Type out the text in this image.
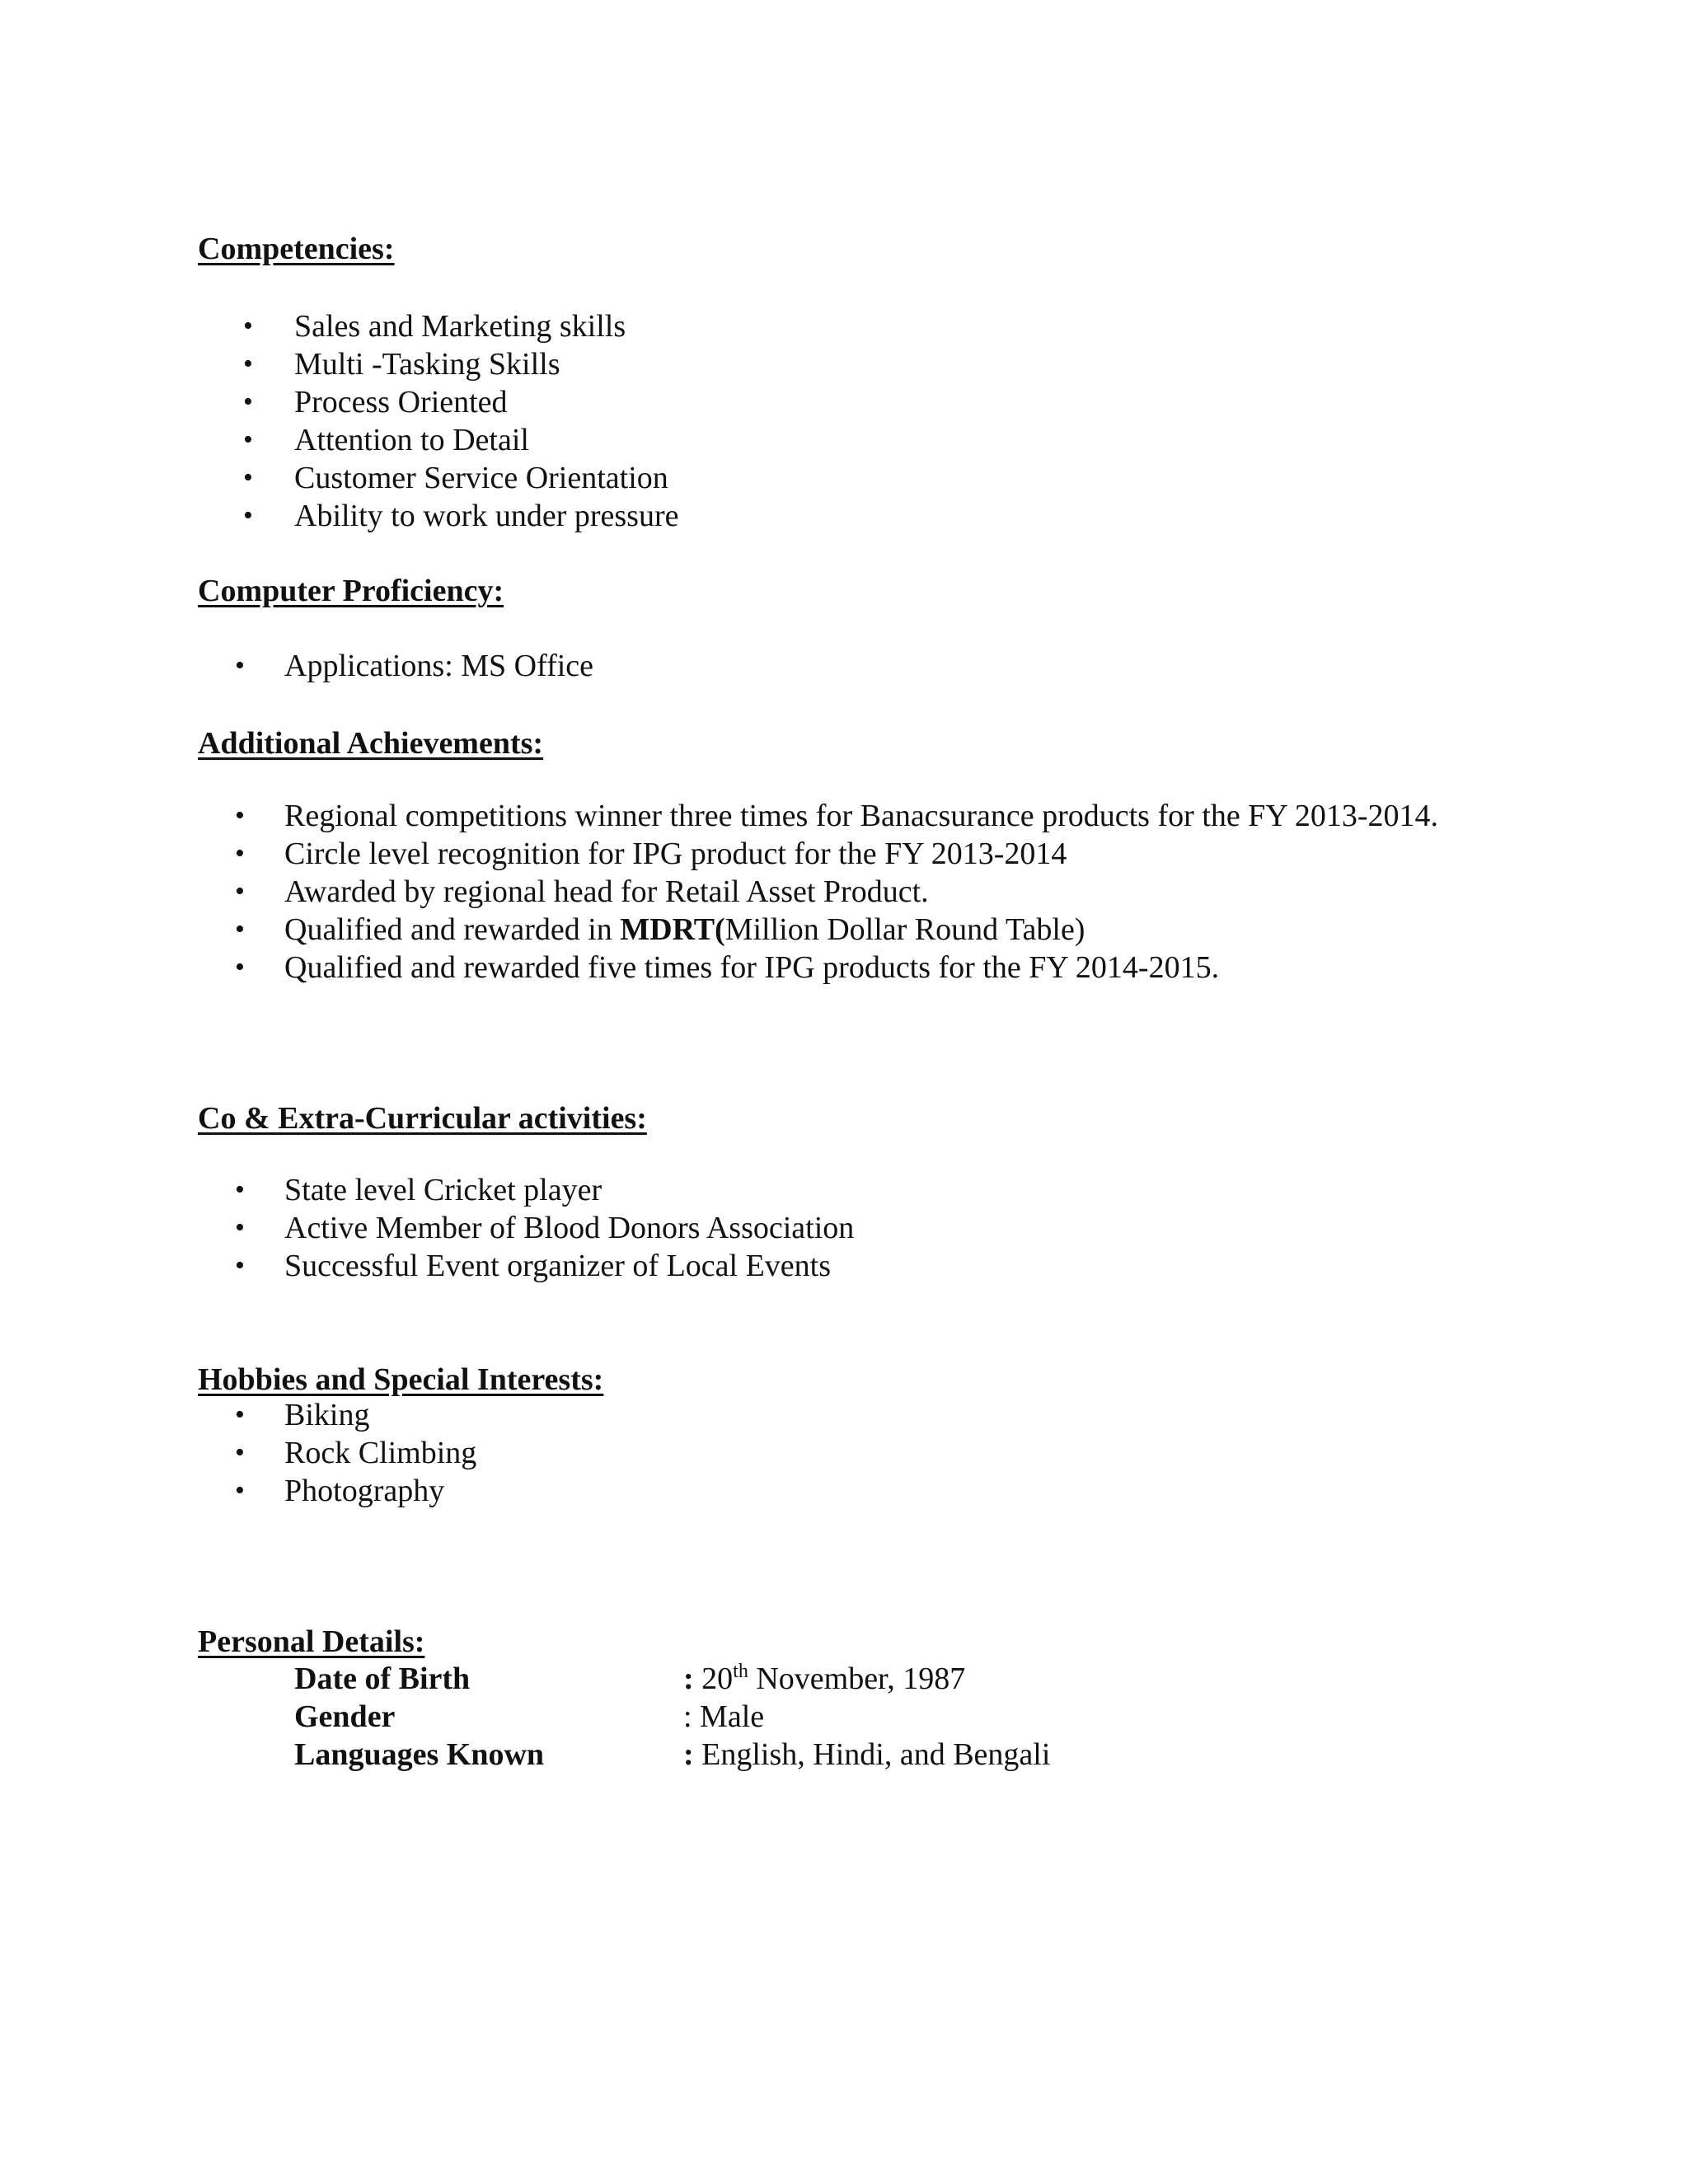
Competencies:
• Sales and Marketing skills
• Multi -Tasking Skills
• Process Oriented
• Attention to Detail
• Customer Service Orientation
• Ability to work under pressure
Computer Proficiency:
• Applications: MS Office
Additional Achievements:
• Regional competitions winner three times for Banacsurance products for the FY 2013-2014.
• Circle level recognition for IPG product for the FY 2013-2014
• Awarded by regional head for Retail Asset Product.
• Qualified and rewarded in MDRT(Million Dollar Round Table)
• Qualified and rewarded five times for IPG products for the FY 2014-2015.
Co & Extra-Curricular activities:
• State level Cricket player
• Active Member of Blood Donors Association
• Successful Event organizer of Local Events
Hobbies and Special Interests:
• Biking
• Rock Climbing
• Photography
Personal Details:
Date of Birth	: 20th November, 1987
Gender	: Male
Languages Known	: English, Hindi, and Bengali
